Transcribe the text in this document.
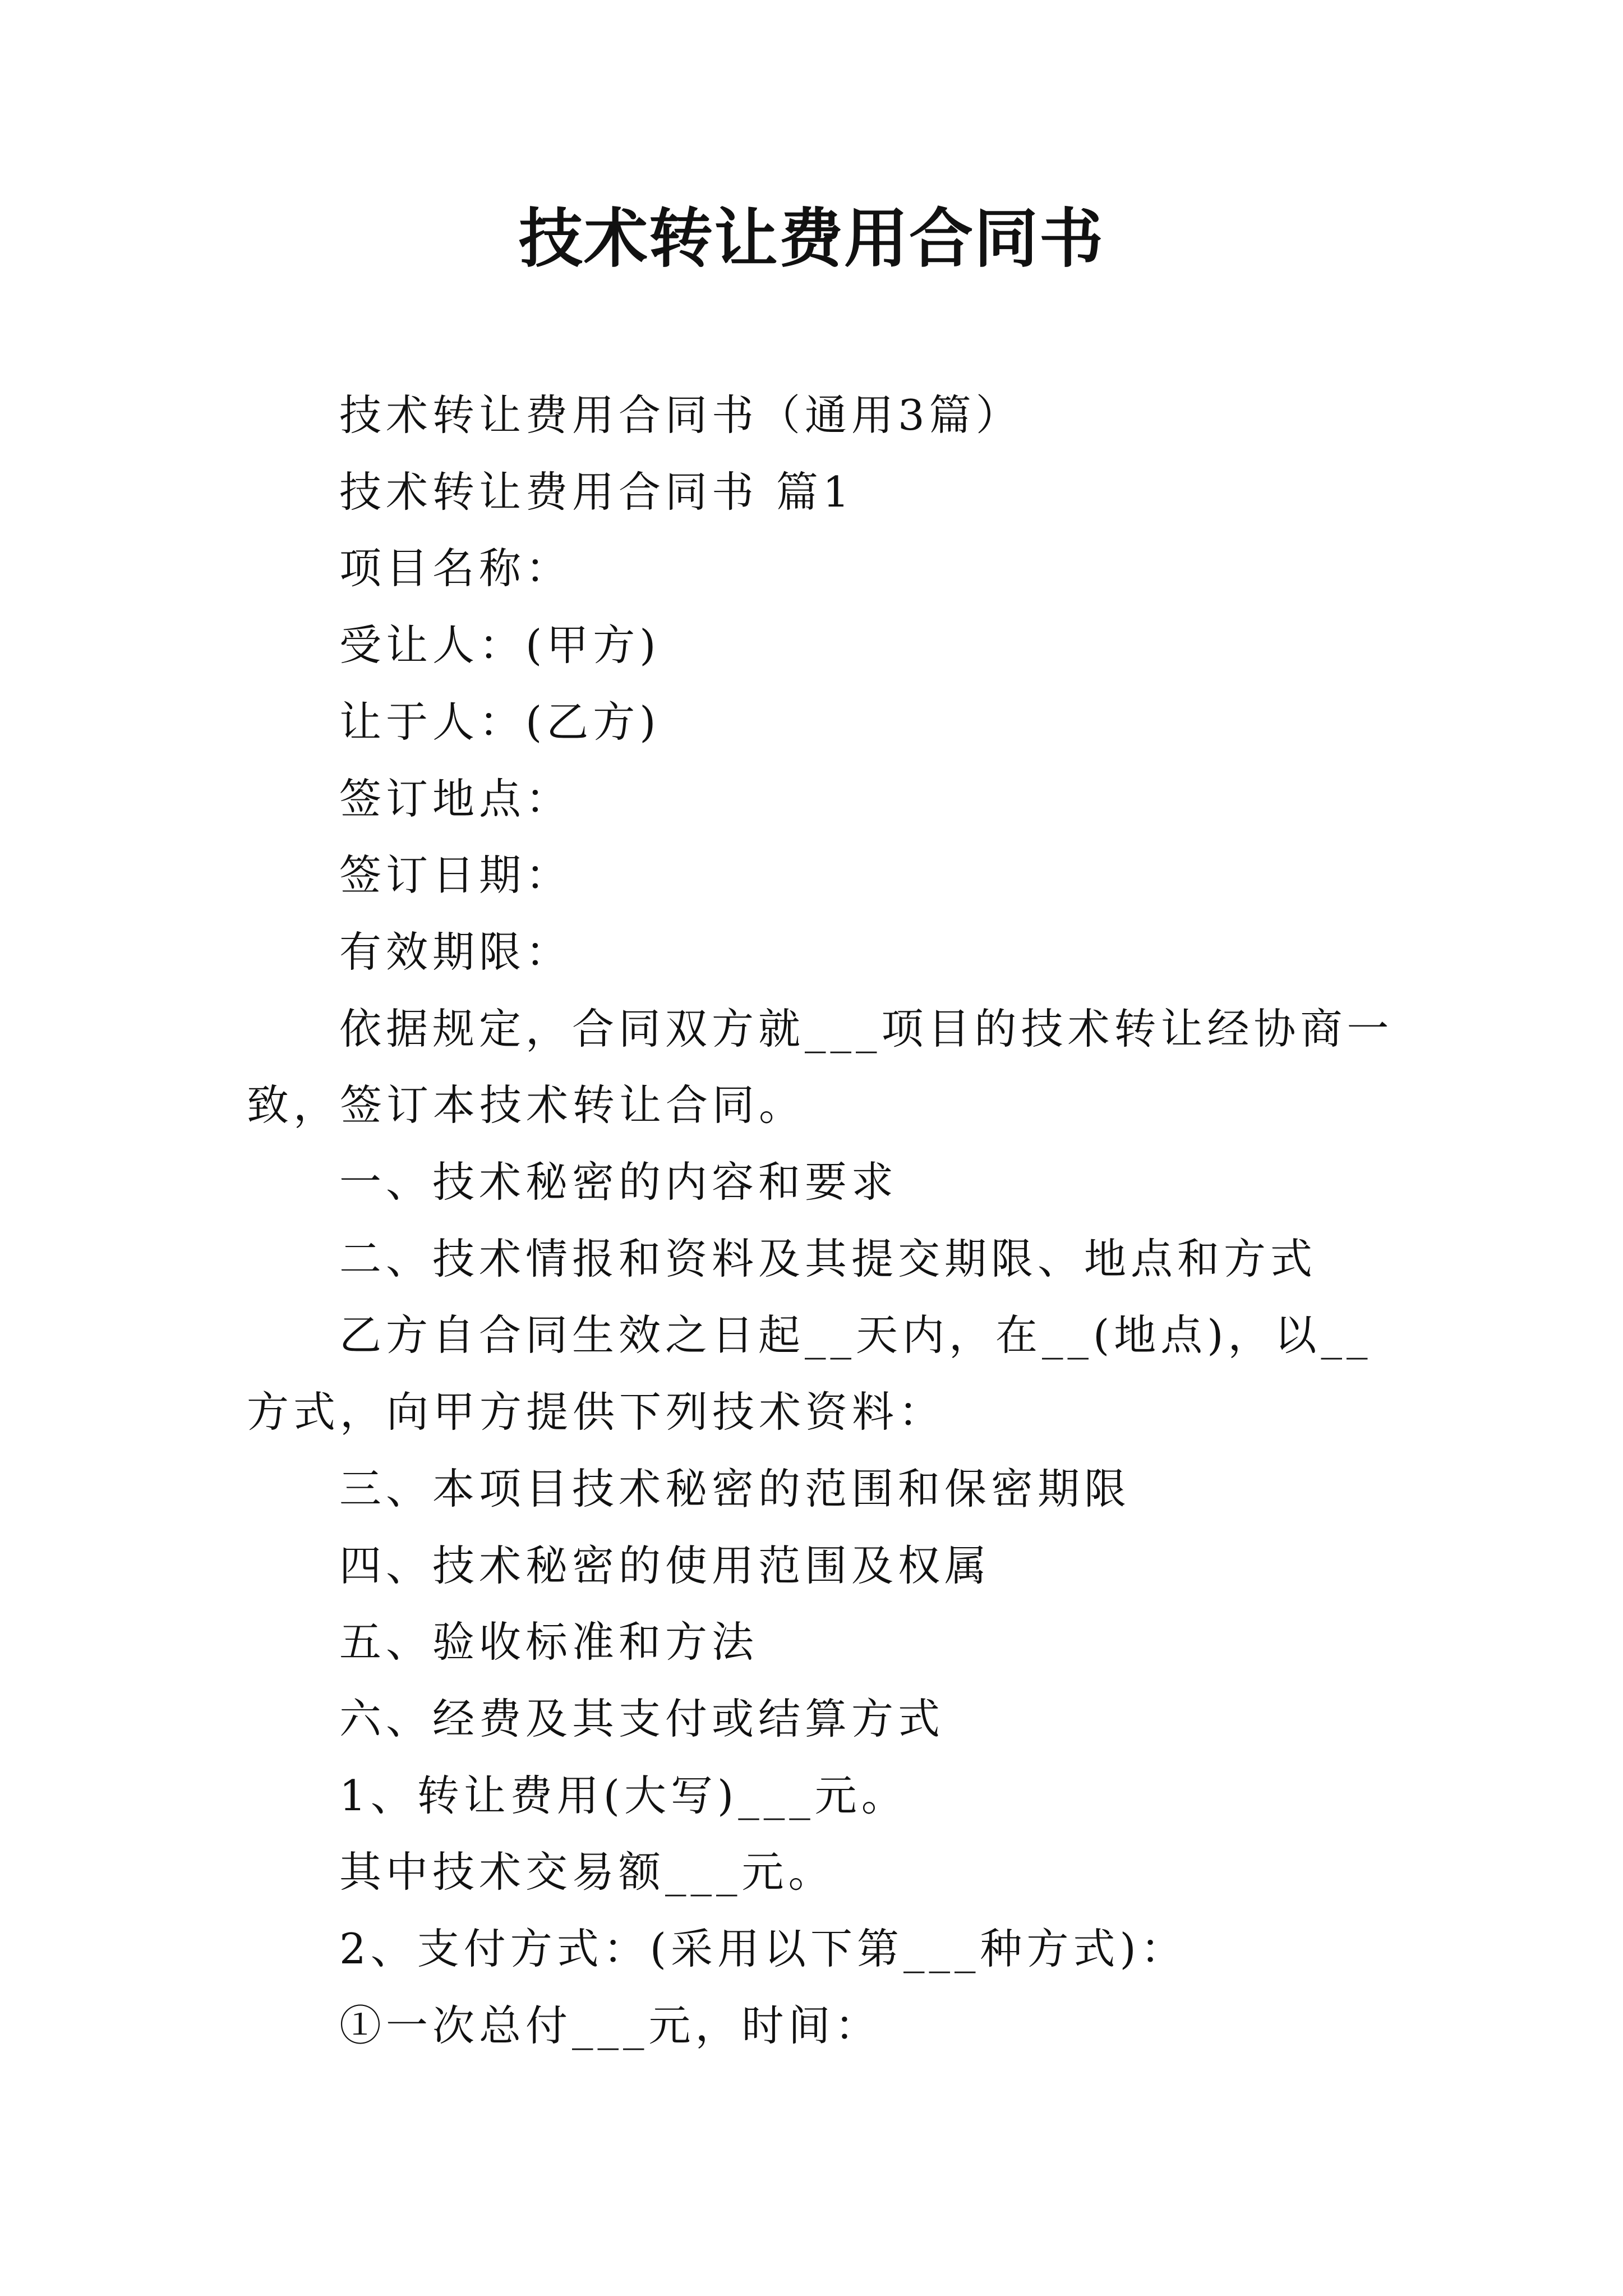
技术转让费用合同书

技术转让费用合同书（通用3篇）

技术转让费用合同书 篇1

项目名称：

受让人：(甲方)

让于人：(乙方)

签订地点：

签订日期：

有效期限：

依据规定，合同双方就___项目的技术转让经协商一致，签订本技术转让合同。

一、技术秘密的内容和要求

二、技术情报和资料及其提交期限、地点和方式

乙方自合同生效之日起__天内，在__(地点)，以__方式，向甲方提供下列技术资料：

三、本项目技术秘密的范围和保密期限

四、技术秘密的使用范围及权属

五、验收标准和方法

六、经费及其支付或结算方式

1、转让费用(大写)___元。

其中技术交易额___元。

2、支付方式：(采用以下第___种方式)：

①一次总付___元，时间：
